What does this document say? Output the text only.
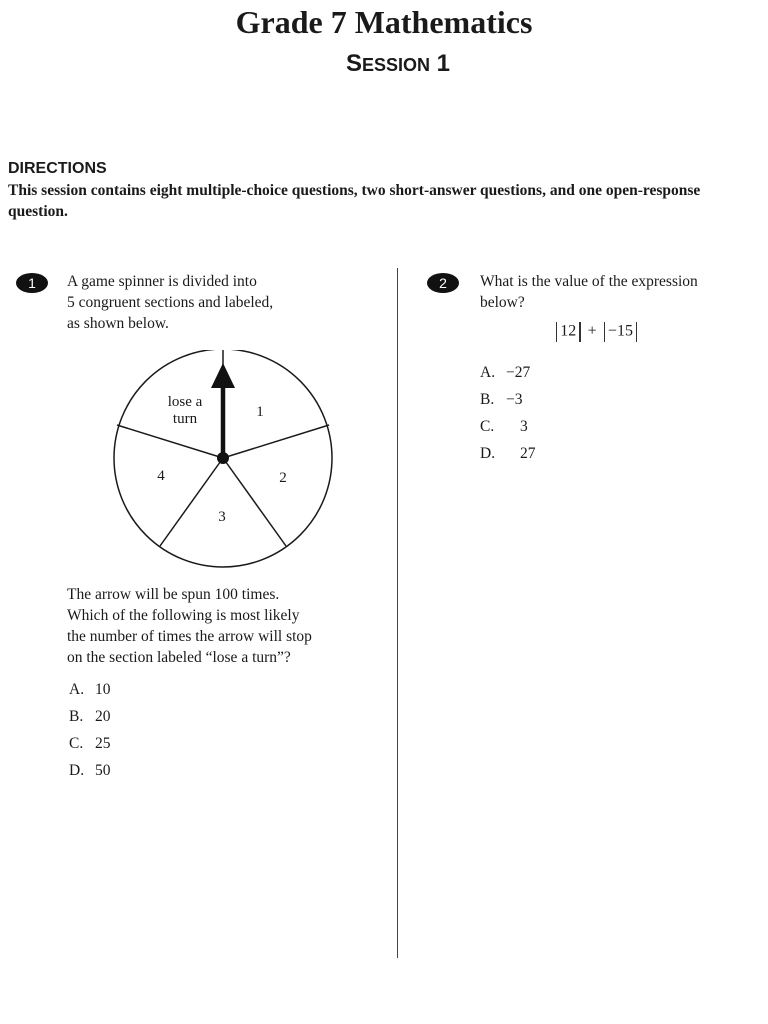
Grade 7 Mathematics
SESSION 1
DIRECTIONS
This session contains eight multiple-choice questions, two short-answer questions, and one open-response question.
1	A game spinner is divided into
5 congruent sections and labeled,
as shown below.
lose a
turn	1
2
3
4
The arrow will be spun 100 times.
Which of the following is most likely
the number of times the arrow will stop
on the section labeled “lose a turn”?
A. 10
B. 20
C. 25
D. 50
2	What is the value of the expression
below?
12 + −15
A. −27
B. −3
C. 3
D. 27
